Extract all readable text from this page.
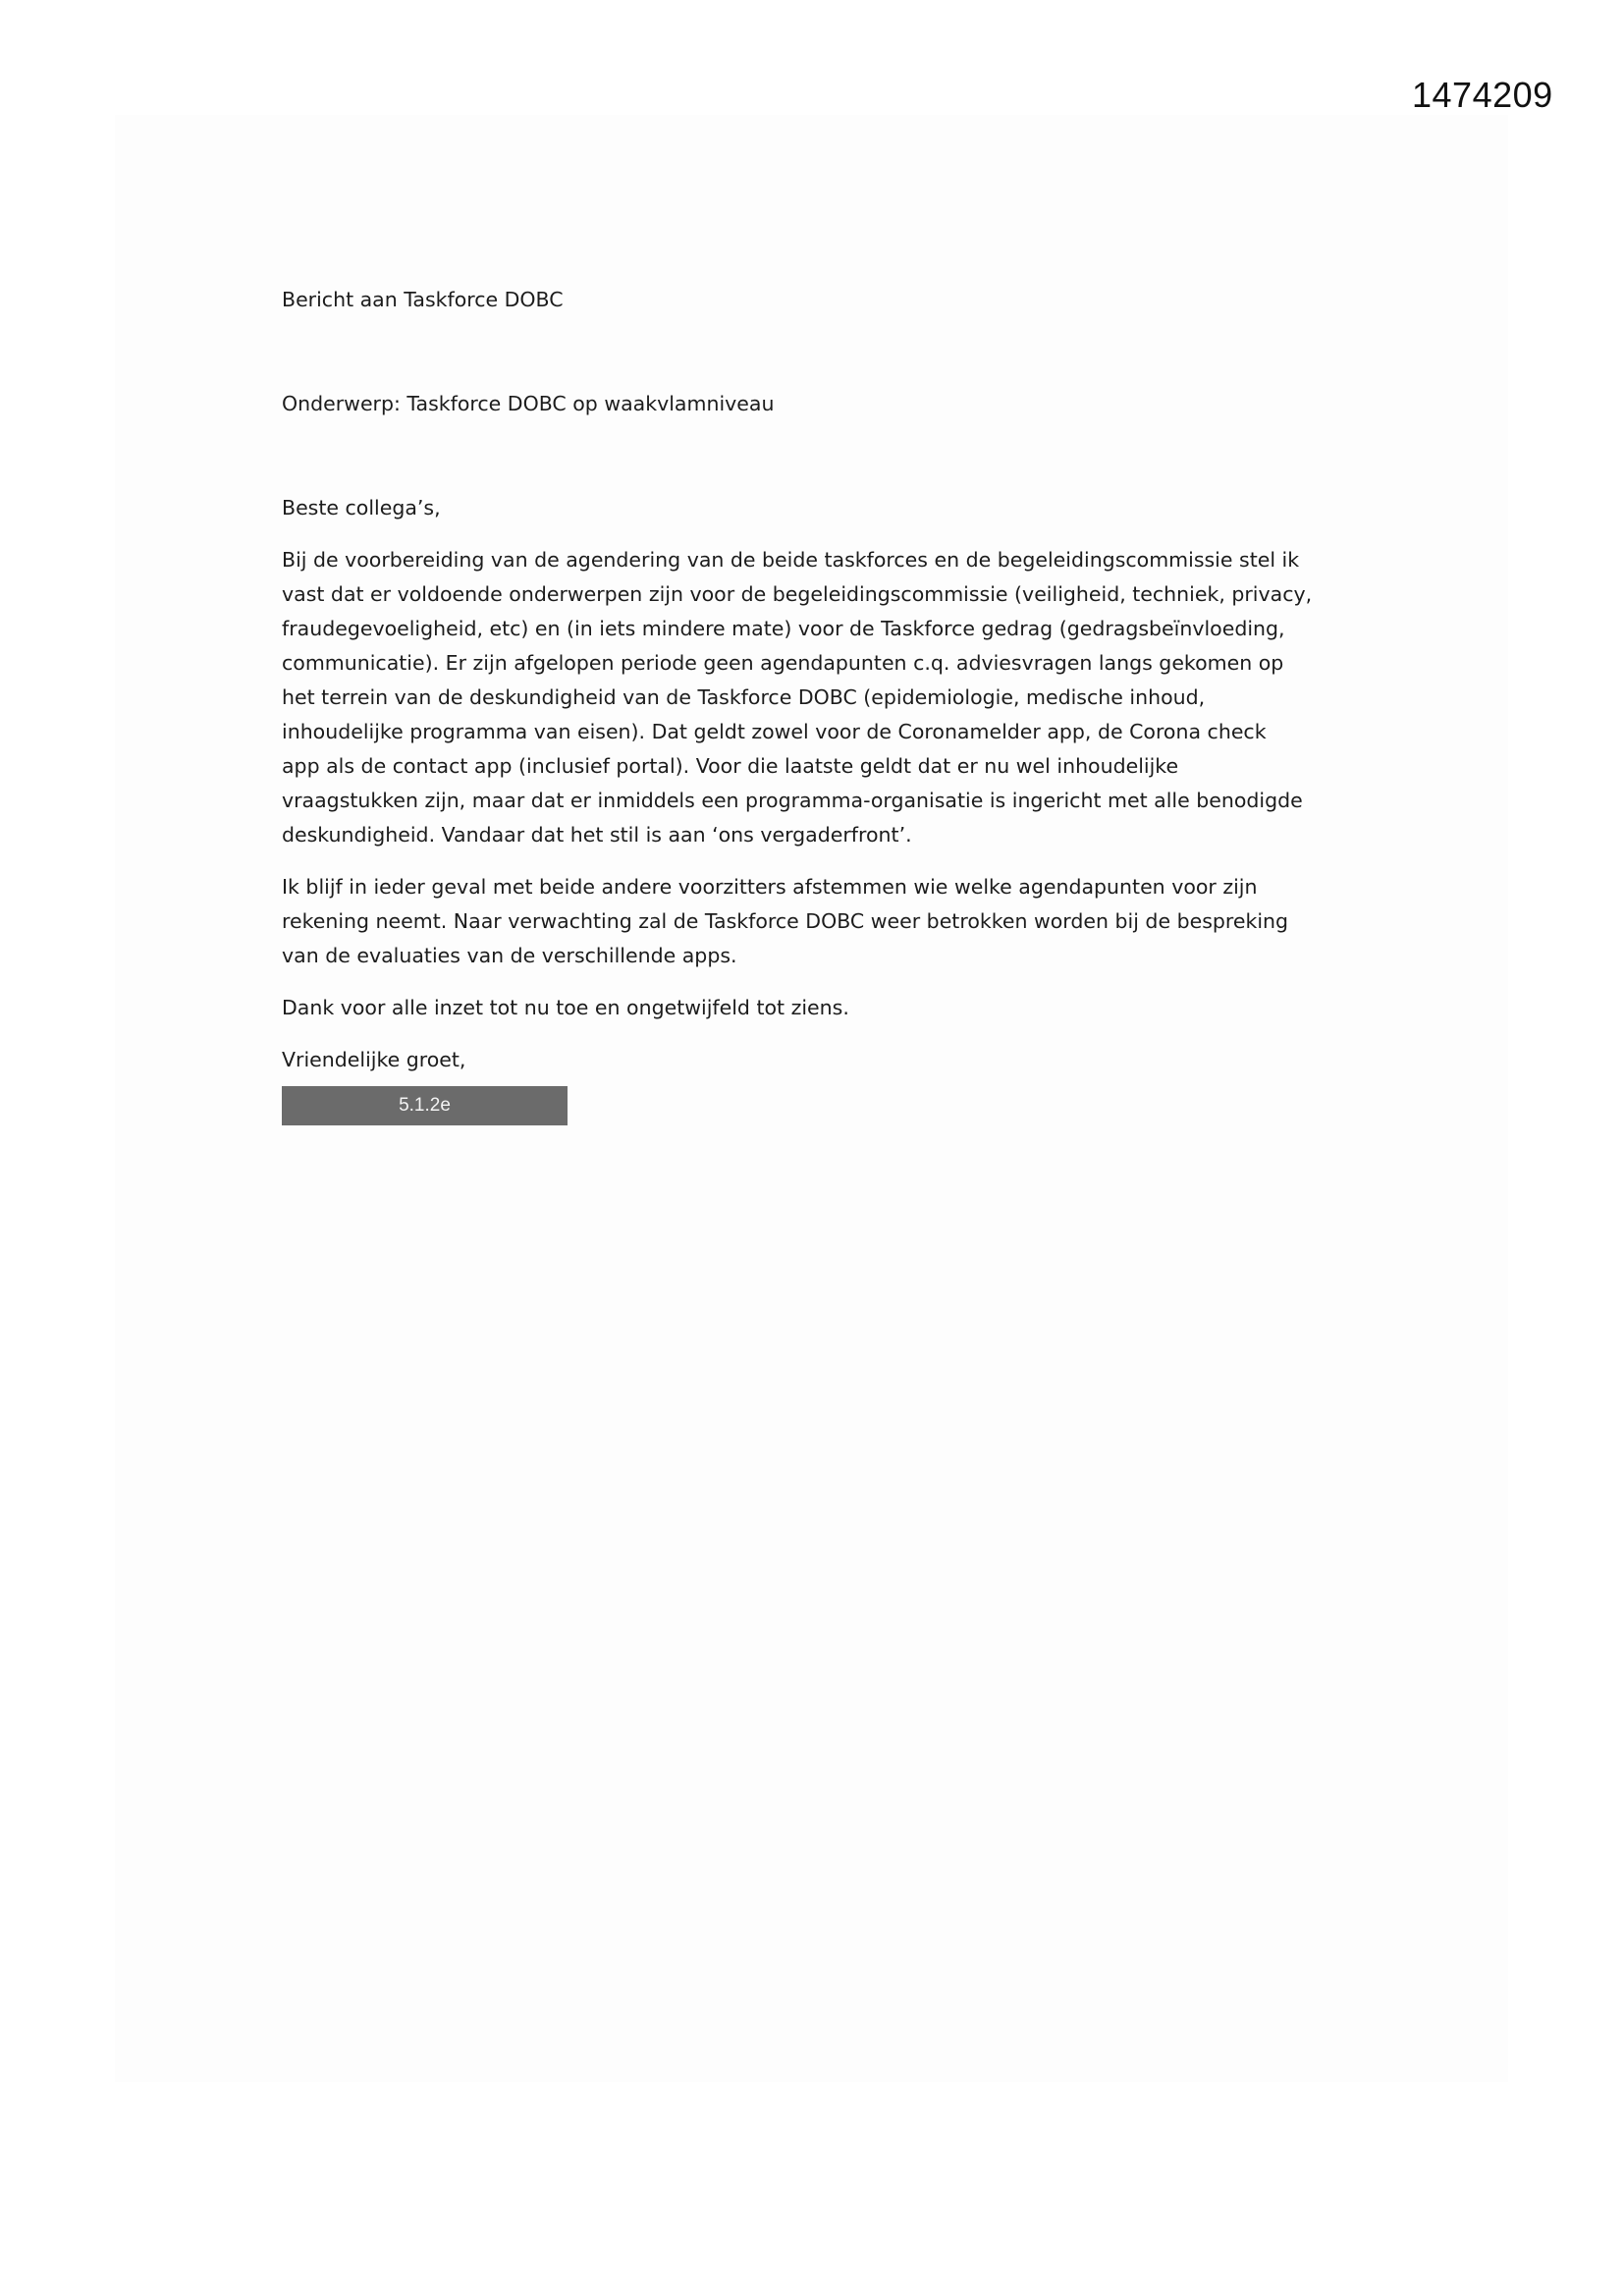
1474209

Bericht aan Taskforce DOBC

Onderwerp: Taskforce DOBC op waakvlamniveau

Beste collega’s,

Bij de voorbereiding van de agendering van de beide taskforces en de begeleidingscommissie stel ik
vast dat er voldoende onderwerpen zijn voor de begeleidingscommissie (veiligheid, techniek, privacy,
fraudegevoeligheid, etc) en (in iets mindere mate) voor de Taskforce gedrag (gedragsbeïnvloeding,
communicatie). Er zijn afgelopen periode geen agendapunten c.q. adviesvragen langs gekomen op
het terrein van de deskundigheid van de Taskforce DOBC (epidemiologie, medische inhoud,
inhoudelijke programma van eisen). Dat geldt zowel voor de Coronamelder app, de Corona check
app als de contact app (inclusief portal). Voor die laatste geldt dat er nu wel inhoudelijke
vraagstukken zijn, maar dat er inmiddels een programma-organisatie is ingericht met alle benodigde
deskundigheid. Vandaar dat het stil is aan ‘ons vergaderfront’.

Ik blijf in ieder geval met beide andere voorzitters afstemmen wie welke agendapunten voor zijn
rekening neemt. Naar verwachting zal de Taskforce DOBC weer betrokken worden bij de bespreking
van de evaluaties van de verschillende apps.

Dank voor alle inzet tot nu toe en ongetwijfeld tot ziens.

Vriendelijke groet,

5.1.2e
